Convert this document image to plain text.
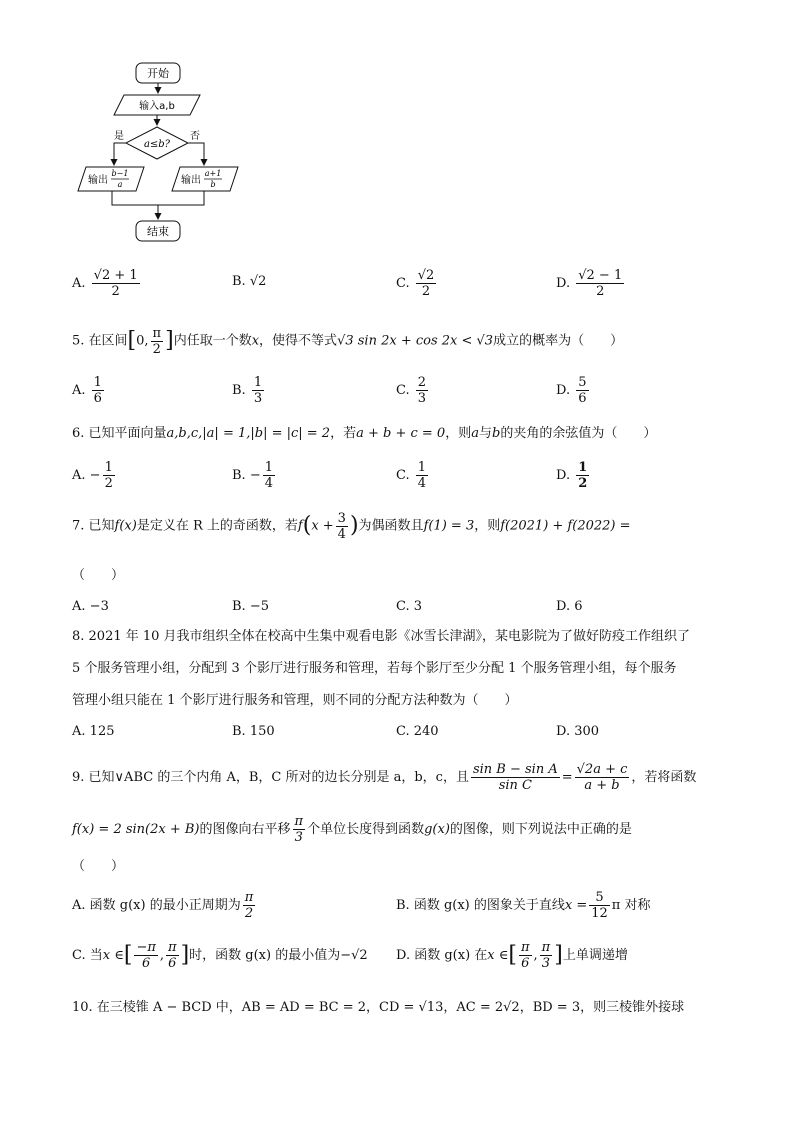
开始
输入a,b
a≤b?
是	否
输出
b−1
a	输出
a+1
b
结束
A. $\frac{√2 + 1}{2}$	B. √2	C. $\frac{√2}{2}$	D. $\frac{√2 - 1}{2}$
5. 在区间[0, $\frac{\pi}{2}$ ]内任取一个数x，使得不等式√3 sin 2x + cos 2x < √3成立的概率为（　　）
A. $\frac{1}{6}$	B. $\frac{1}{3}$	C. $\frac{2}{3}$	D. $\frac{5}{6}$
6. 已知平面向量a,b,c,|a| = 1,|b| = |c| = 2，若a + b + c = 0，则a与b的夹角的余弦值为（　　）
A. − $\frac{1}{2}$	B. − $\frac{1}{4}$	C. $\frac{1}{4}$	D. $\frac{1}{2}$
7. 已知f(x)是定义在 R 上的奇函数，若$f(x + \frac{3}{4}$ )为偶函数且f(1) = 3，则f(2021) + f(2022) =
（　　）
A. −3	B. −5	C. 3	D. 6
8. 2021 年 10 月我市组织全体在校高中生集中观看电影《冰雪长津湖》，某电影院为了做好防疫工作组织了
5 个服务管理小组，分配到 3 个影厅进行服务和管理，若每个影厅至少分配 1 个服务管理小组，每个服务
管理小组只能在 1 个影厅进行服务和管理，则不同的分配方法种数为（　　）
A. 125	B. 150	C. 240	D. 300
9. 已知∨ABC 的三个内角 A，B，C 所对的边长分别是 a，b，c，且 $\frac{\text{sin B − sin A}}{\text{sin C}} = \frac{√2a + c}{a + b}$ ，若将函数
f(x) = 2 sin(2x + B)的图像向右平移 $\frac{\pi}{3}$ 个单位长度得到函数g(x)的图像，则下列说法中正确的是
（　　）
A. 函数 g(x) 的最小正周期为 $\frac{\pi}{2}$	B. 函数 g(x) 的图象关于直线$x = \frac{5}{12}$ π 对称
C. 当x ∈[ $\frac{-\pi}{6}$ , $\frac{\pi}{6}$ ]时，函数 g(x) 的最小值为−√2 D. 函数 g(x) 在x ∈[ $\frac{\pi}{6}$ , $\frac{\pi}{3}$ ]上单调递增
10. 在三棱锥 A − BCD 中，AB = AD = BC = 2，CD = √13，AC = 2√2，BD = 3，则三棱锥外接球
